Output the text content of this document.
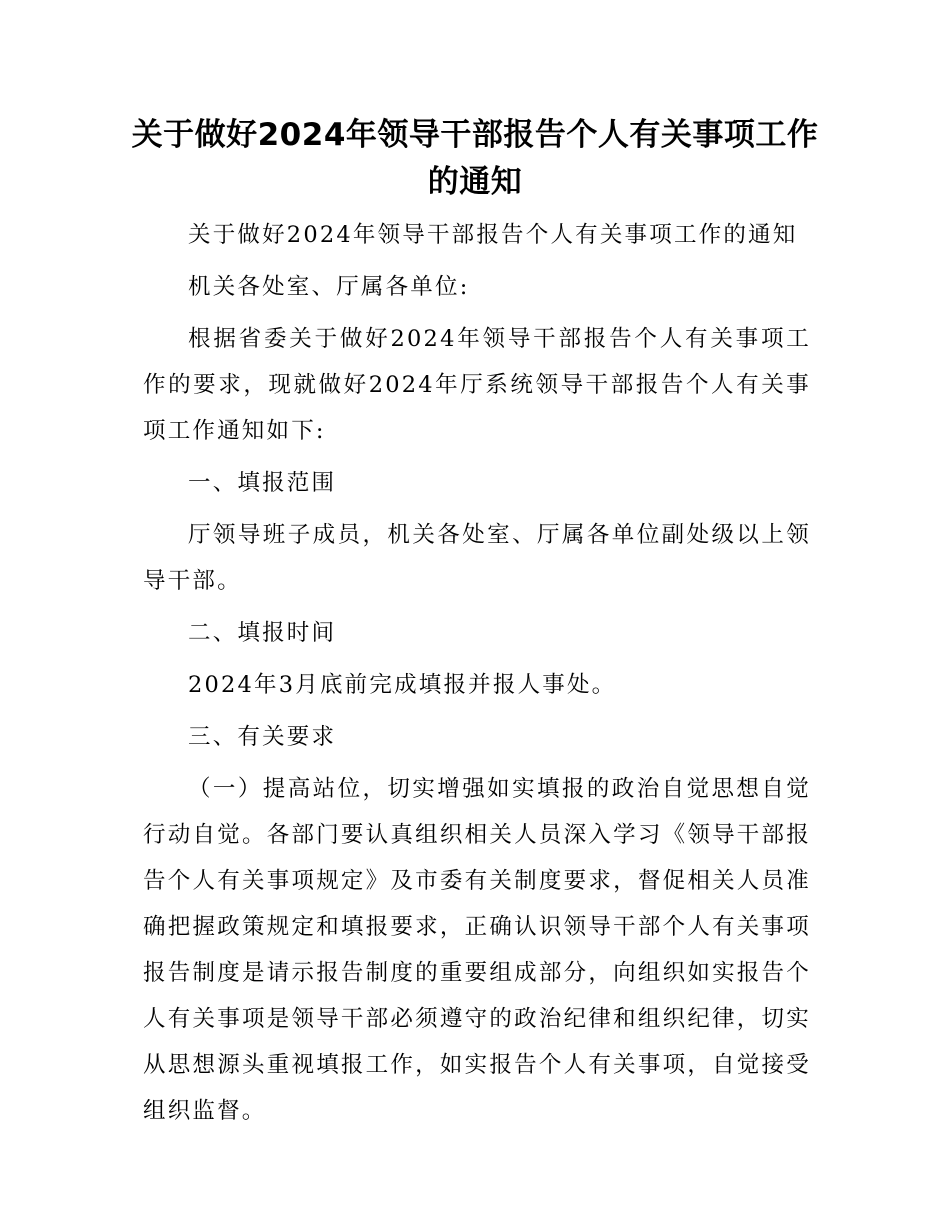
关于做好2024年领导干部报告个人有关事项工作的通知

关于做好2024年领导干部报告个人有关事项工作的通知

机关各处室、厅属各单位:

根据省委关于做好2024年领导干部报告个人有关事项工作的要求，现就做好2024年厅系统领导干部报告个人有关事项工作通知如下:

一、填报范围

厅领导班子成员，机关各处室、厅属各单位副处级以上领导干部。

二、填报时间

2024年3月底前完成填报并报人事处。

三、有关要求

（一）提高站位，切实增强如实填报的政治自觉思想自觉行动自觉。各部门要认真组织相关人员深入学习《领导干部报告个人有关事项规定》及市委有关制度要求，督促相关人员准确把握政策规定和填报要求，正确认识领导干部个人有关事项报告制度是请示报告制度的重要组成部分，向组织如实报告个人有关事项是领导干部必须遵守的政治纪律和组织纪律，切实从思想源头重视填报工作，如实报告个人有关事项，自觉接受组织监督。
